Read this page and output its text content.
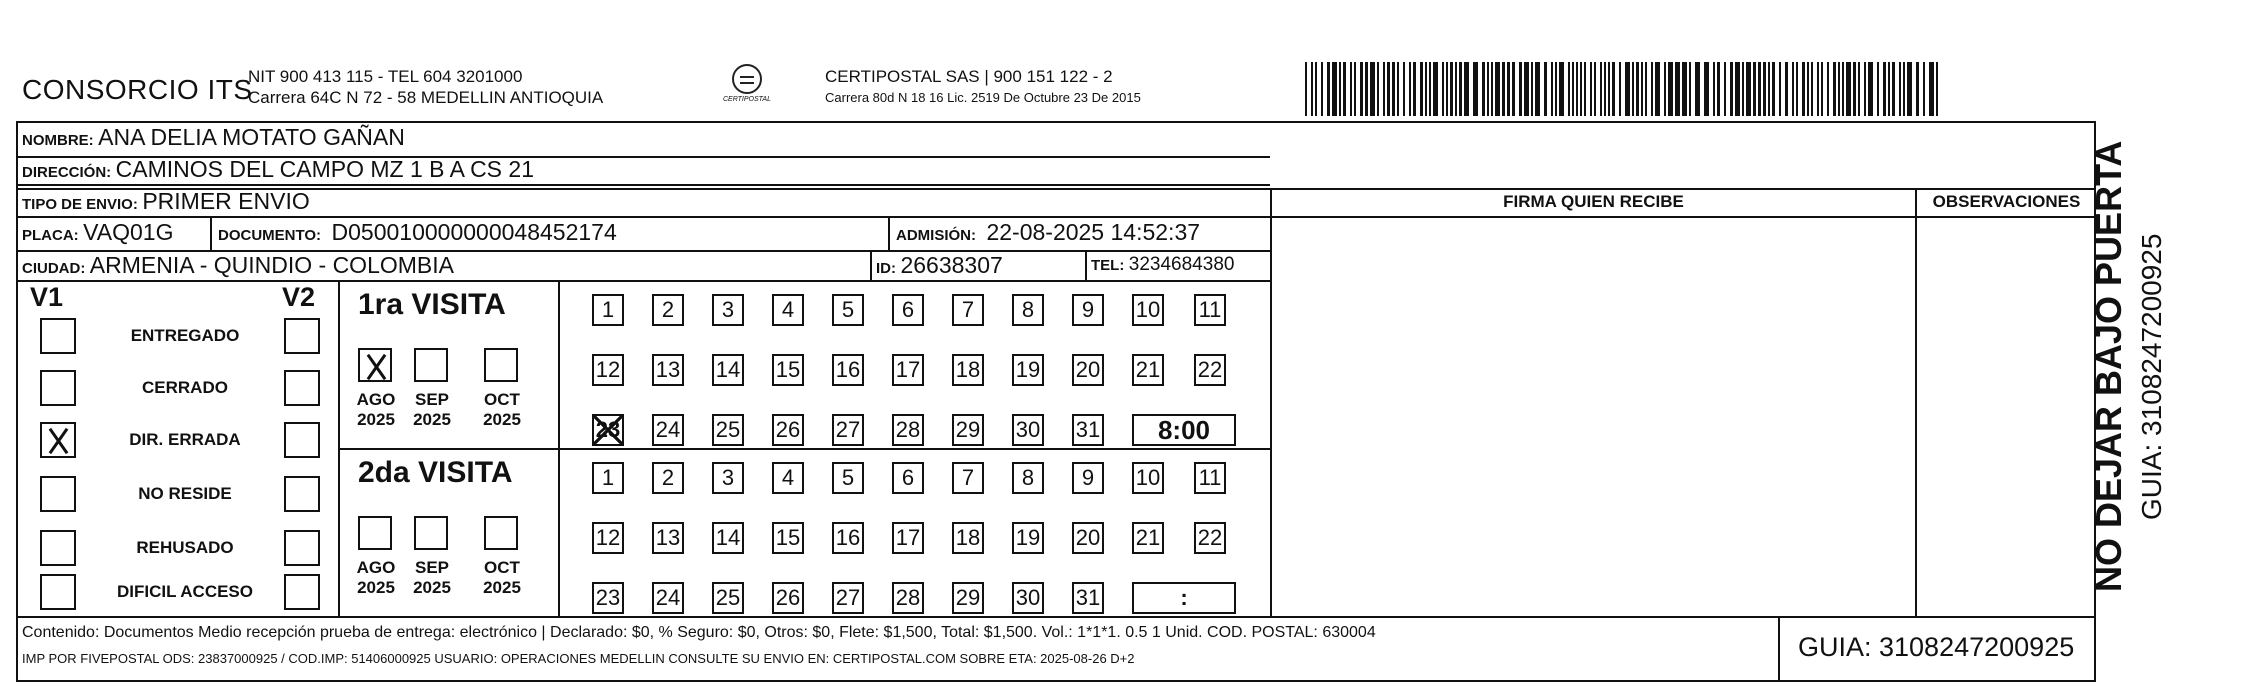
CONSORCIO ITS
NIT 900 413 115 - TEL 604 3201000
Carrera 64C N 72 - 58 MEDELLIN ANTIOQUIA	CERTIPOSTAL
CERTIPOSTAL SAS | 900 151 122 - 2
Carrera 80d N 18 16 Lic. 2519 De Octubre 23 De 2015
NOMBRE: ANA DELIA MOTATO GAÑAN
DIRECCIÓN: CAMINOS DEL CAMPO MZ 1 B A CS 21
TIPO DE ENVIO: PRIMER ENVIO
PLACA: VAQ01G	DOCUMENTO: D050010000000048452174	ADMISIÓN: 22-08-2025 14:52:37
CIUDAD: ARMENIA - QUINDIO - COLOMBIA	ID: 26638307	TEL: 3234684380
FIRMA QUIEN RECIBE	OBSERVACIONES
V1	V2
ENTREGADO
CERRADO
DIR. ERRADA
NO RESIDE
REHUSADO
DIFICIL ACCESO
1ra VISITA
AGO
2025
SEP
2025
OCT
2025
1	2	3	4	5	6	7	8	9	10 11
12 13 14 15 16 17 18 19 20 21 22
23 24 25 26 27 28 29 30 31	8:00
2da VISITA
AGO
2025
SEP
2025
OCT
2025
1	2	3	4	5	6	7	8	9	10 11
12 13 14 15 16 17 18 19 20 21 22
23 24 25 26 27 28 29 30 31	:
Contenido: Documentos Medio recepción prueba de entrega: electrónico | Declarado: $0, % Seguro: $0, Otros: $0, Flete: $1,500, Total: $1,500. Vol.: 1*1*1. 0.5 1 Unid. COD. POSTAL: 630004
IMP POR FIVEPOSTAL ODS: 23837000925 / COD.IMP: 51406000925 USUARIO: OPERACIONES MEDELLIN CONSULTE SU ENVIO EN: CERTIPOSTAL.COM SOBRE ETA: 2025-08-26 D+2	GUIA: 3108247200925
NO DEJAR BAJO PUERTA GUIA: 3108247200925
